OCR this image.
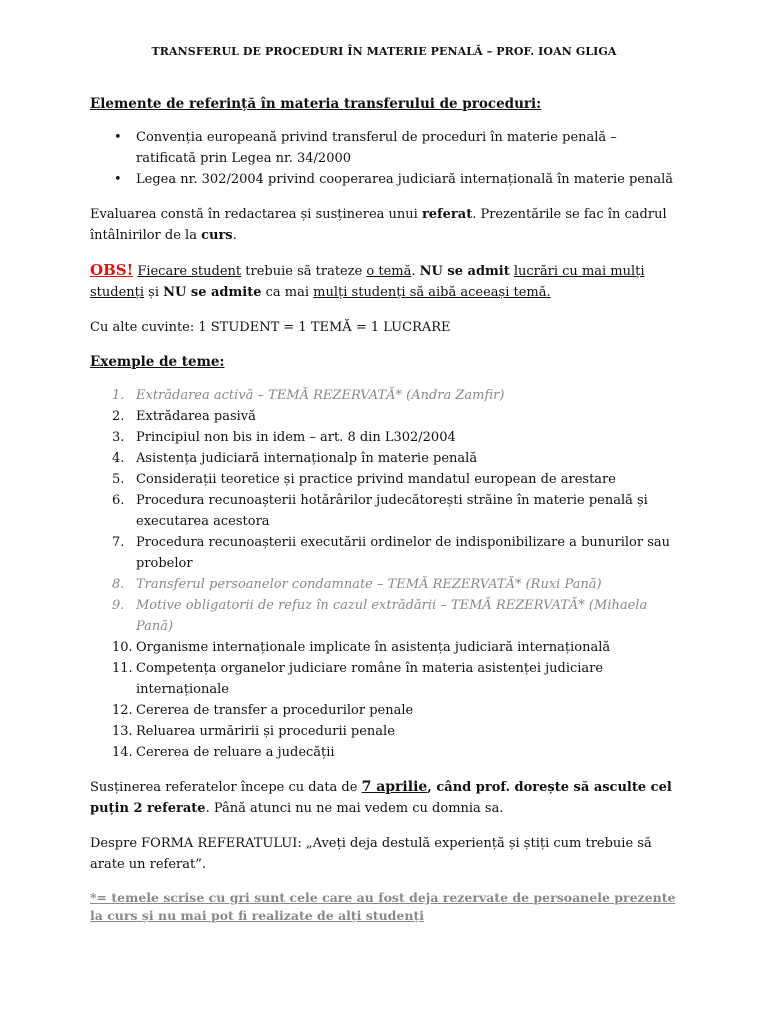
TRANSFERUL DE PROCEDURI ÎN MATERIE PENALĂ – PROF. IOAN GLIGA
Elemente de referință în materia transferului de proceduri:
• Convenția europeană privind transferul de proceduri în materie penală – ratificată prin Legea nr. 34/2000
• Legea nr. 302/2004 privind cooperarea judiciară internațională în materie penală

Evaluarea constă în redactarea și susținerea unui referat. Prezentările se fac în cadrul întâlnirilor de la curs.

OBS! Fiecare student trebuie să trateze o temă. NU se admit lucrări cu mai mulți studenți și NU se admite ca mai mulți studenți să aibă aceeași temă.

Cu alte cuvinte: 1 STUDENT = 1 TEMĂ = 1 LUCRARE

Exemple de teme:
1. Extrădarea activă – TEMĂ REZERVATĂ* (Andra Zamfir)
2. Extrădarea pasivă
3. Principiul non bis in idem – art. 8 din L302/2004
4. Asistența judiciară internaționalp în materie penală
5. Considerații teoretice și practice privind mandatul european de arestare
6. Procedura recunoașterii hotărârilor judecătorești străine în materie penală și executarea acestora
7. Procedura recunoașterii executării ordinelor de indisponibilizare a bunurilor sau probelor
8. Transferul persoanelor condamnate – TEMĂ REZERVATĂ* (Ruxi Pană)
9. Motive obligatorii de refuz în cazul extrădării – TEMĂ REZERVATĂ* (Mihaela Pană)
10. Organisme internaționale implicate în asistența judiciară internațională
11. Competența organelor judiciare române în materia asistenței judiciare internaționale
12. Cererea de transfer a procedurilor penale
13. Reluarea urmăririi și procedurii penale
14. Cererea de reluare a judecății

Susținerea referatelor începe cu data de 7 aprilie, când prof. dorește să asculte cel puțin 2 referate. Până atunci nu ne mai vedem cu domnia sa.

Despre FORMA REFERATULUI: „Aveți deja destulă experiență și știți cum trebuie să arate un referat”.

*= temele scrise cu gri sunt cele care au fost deja rezervate de persoanele prezente la curs și nu mai pot fi realizate de alți studenți
